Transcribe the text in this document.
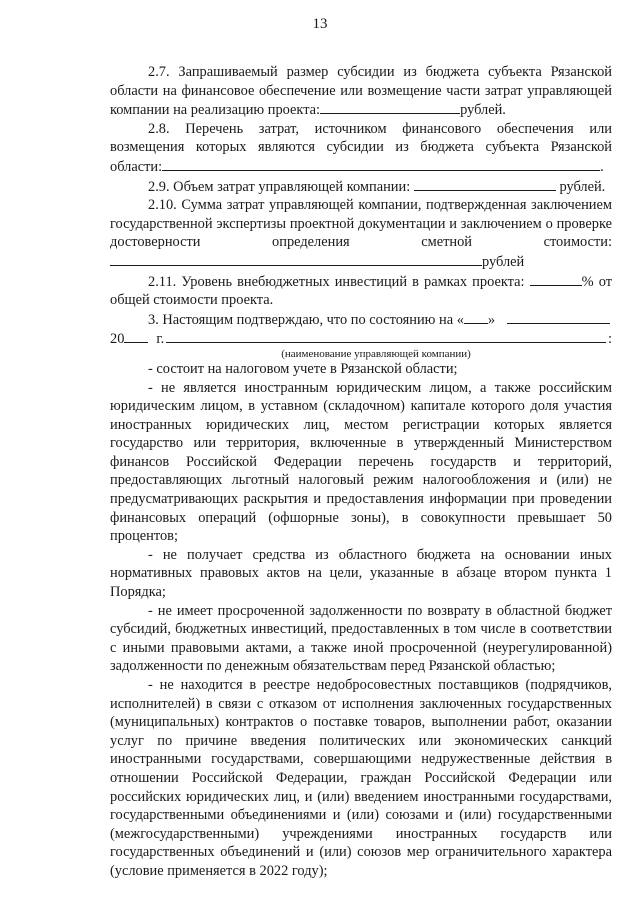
13

2.7. Запрашиваемый размер субсидии из бюджета субъекта Рязанской области на финансовое обеспечение или возмещение части затрат управляющей компании на реализацию проекта:	рублей.

2.8. Перечень затрат, источником финансового обеспечения или возмещения которых являются субсидии из бюджета субъекта Рязанской области:	.

2.9. Объем затрат управляющей компании:	рублей.

2.10. Сумма затрат управляющей компании, подтвержденная заключением государственной экспертизы проектной документации и заключением о проверке достоверности определения сметной стоимости:рублей

2.11. Уровень внебюджетных инвестиций в рамках проекта:	% от общей стоимости проекта.

3. Настоящим подтверждаю, что по состоянию на « »
20 г.	:
(наименование управляющей компании)

- состоит на налоговом учете в Рязанской области;

- не является иностранным юридическим лицом, а также российским юридическим лицом, в уставном (складочном) капитале которого доля участия иностранных юридических лиц, местом регистрации которых является государство или территория, включенные в утвержденный Министерством финансов Российской Федерации перечень государств и территорий, предоставляющих льготный налоговый режим налогообложения и (или) не предусматривающих раскрытия и предоставления информации при проведении финансовых операций (офшорные зоны), в совокупности превышает 50 процентов;

- не получает средства из областного бюджета на основании иных нормативных правовых актов на цели, указанные в абзаце втором пункта 1 Порядка;

- не имеет просроченной задолженности по возврату в областной бюджет субсидий, бюджетных инвестиций, предоставленных в том числе в соответствии с иными правовыми актами, а также иной просроченной (неурегулированной) задолженности по денежным обязательствам перед Рязанской областью;

- не находится в реестре недобросовестных поставщиков (подрядчиков, исполнителей) в связи с отказом от исполнения заключенных государственных (муниципальных) контрактов о поставке товаров, выполнении работ, оказании услуг по причине введения политических или экономических санкций иностранными государствами, совершающими недружественные действия в отношении Российской Федерации, граждан Российской Федерации или российских юридических лиц, и (или) введением иностранными государствами, государственными объединениями и (или) союзами и (или) государственными (межгосударственными) учреждениями иностранных государств или государственных объединений и (или) союзов мер ограничительного характера (условие применяется в 2022 году);
